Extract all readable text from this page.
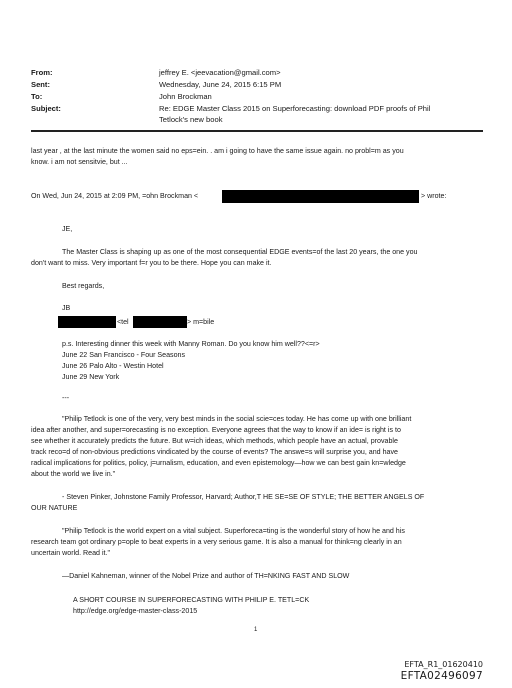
From:	jeffrey E. <jeevacation@gmail.com>
Sent:	Wednesday, June 24, 2015 6:15 PM
To:	John Brockman
Subject:	Re: EDGE Master Class 2015 on Superforecasting: download PDF proofs of Phil
Tetlock's new book
last year , at the last minute the women said no eps=ein. . am i going to have the same issue again. no probl=m as you
know. i am not sensitvie, but ...
On Wed, Jun 24, 2015 at 2:09 PM, =ohn Brockman <	> wrote:
JE,
The Master Class is shaping up as one of the most consequential EDGE events=of the last 20 years, the one you
don't want to miss. Very important f=r you to be there. Hope you can make it.
Best regards,
JB
<tel	> m=bile
p.s. Interesting dinner this week with Manny Roman. Do you know him well??<=r>
June 22 San Francisco - Four Seasons
June 26 Palo Alto - Westin Hotel
June 29 New York
---
"Philip Tetlock is one of the very, very best minds in the social scie=ces today. He has come up with one brilliant
idea after another, and super=orecasting is no exception. Everyone agrees that the way to know if an ide= is right is to
see whether it accurately predicts the future. But w=ich ideas, which methods, which people have an actual, provable
track reco=d of non-obvious predictions vindicated by the course of events? The answe=s will surprise you, and have
radical implications for politics, policy, j=urnalism, education, and even epistemology—how we can best gain kn=wledge
about the world we live in."
- Steven Pinker, Johnstone Family Professor, Harvard; Author,T HE SE=SE OF STYLE; THE BETTER ANGELS OF
OUR NATURE
"Philip Tetlock is the world expert on a vital subject. Superforeca=ting is the wonderful story of how he and his
research team got ordinary p=ople to beat experts in a very serious game. It is also a manual for think=ng clearly in an
uncertain world. Read it."
—Daniel Kahneman, winner of the Nobel Prize and author of TH=NKING FAST AND SLOW
A SHORT COURSE IN SUPERFORECASTING WITH PHILIP E. TETL=CK
http://edge.org/edge-master-class-2015
1
EFTA_R1_01620410
EFTA02496097
